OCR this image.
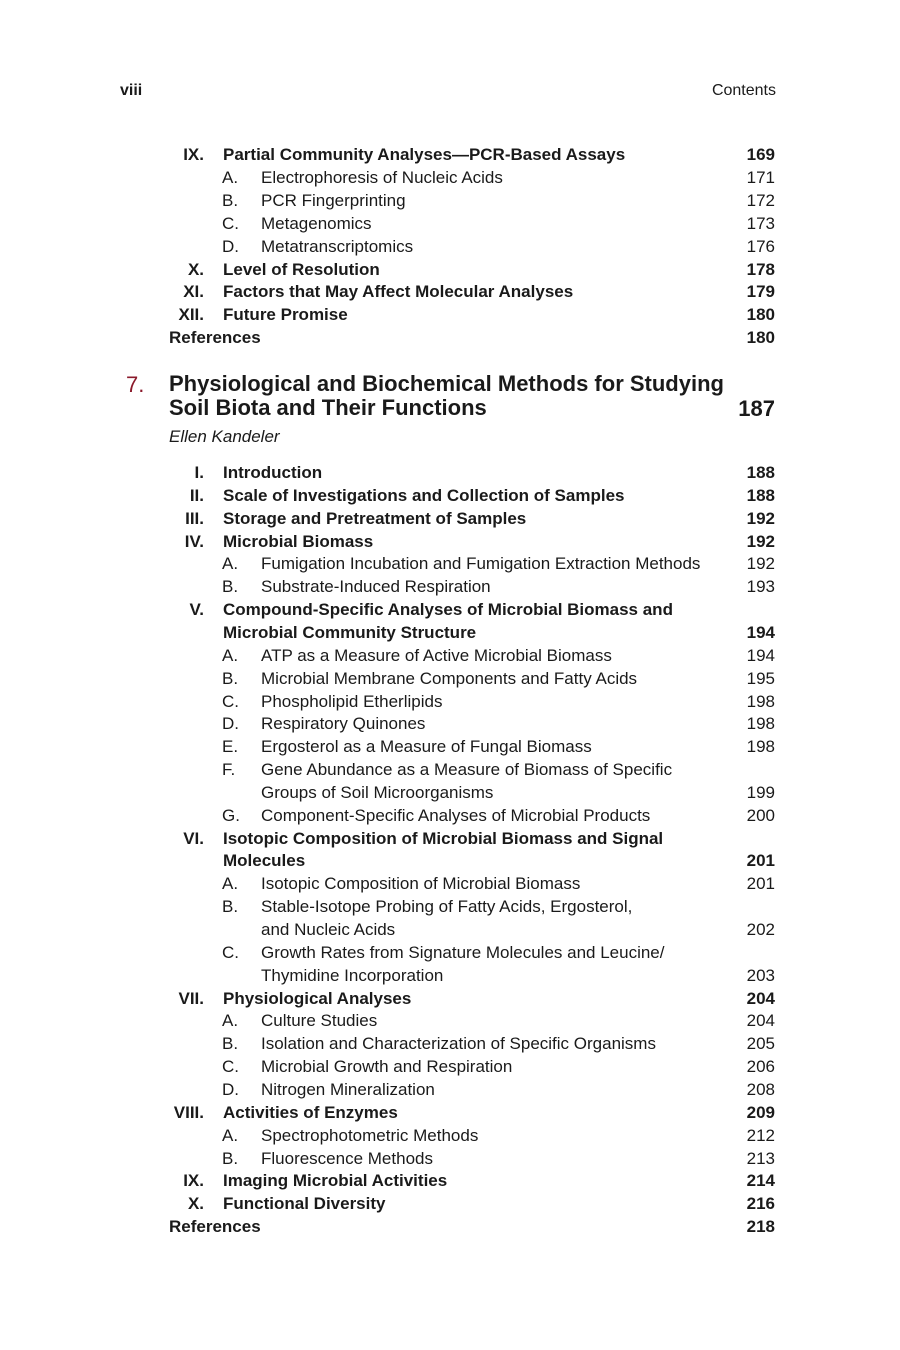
viii	Contents
IX. Partial Community Analyses—PCR-Based Assays	169
A. Electrophoresis of Nucleic Acids	171
B. PCR Fingerprinting	172
C. Metagenomics	173
D. Metatranscriptomics	176
X. Level of Resolution	178
XI. Factors that May Affect Molecular Analyses	179
XII. Future Promise	180
References	180
7. Physiological and Biochemical Methods for Studying
Soil Biota and Their Functions	187
Ellen Kandeler
I. Introduction	188
II. Scale of Investigations and Collection of Samples	188
III. Storage and Pretreatment of Samples	192
IV. Microbial Biomass	192
A. Fumigation Incubation and Fumigation Extraction Methods	192
B. Substrate-Induced Respiration	193
V. Compound-Specific Analyses of Microbial Biomass and
Microbial Community Structure	194
A. ATP as a Measure of Active Microbial Biomass	194
B. Microbial Membrane Components and Fatty Acids	195
C. Phospholipid Etherlipids	198
D. Respiratory Quinones	198
E. Ergosterol as a Measure of Fungal Biomass	198
F. Gene Abundance as a Measure of Biomass of Specific
Groups of Soil Microorganisms	199
G. Component-Specific Analyses of Microbial Products	200
VI. Isotopic Composition of Microbial Biomass and Signal
Molecules	201
A. Isotopic Composition of Microbial Biomass	201
B. Stable-Isotope Probing of Fatty Acids, Ergosterol,
and Nucleic Acids	202
C. Growth Rates from Signature Molecules and Leucine/
Thymidine Incorporation	203
VII. Physiological Analyses	204
A. Culture Studies	204
B. Isolation and Characterization of Specific Organisms	205
C. Microbial Growth and Respiration	206
D. Nitrogen Mineralization	208
VIII. Activities of Enzymes	209
A. Spectrophotometric Methods	212
B. Fluorescence Methods	213
IX. Imaging Microbial Activities	214
X. Functional Diversity	216
References	218
